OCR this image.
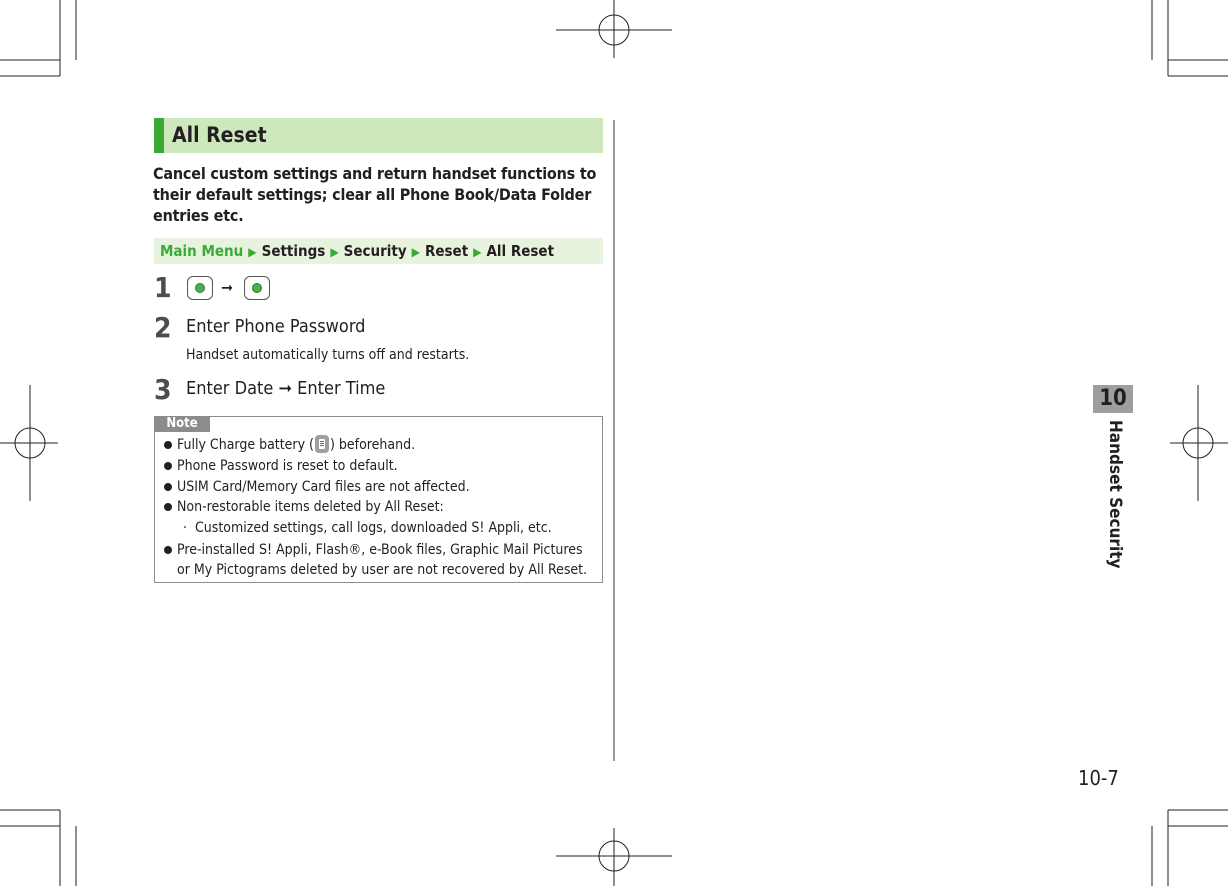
All Reset
Cancel custom settings and return handset functions to their default settings; clear all Phone Book/Data Folder entries etc.
Main Menu ▶ Settings ▶ Security ▶ Reset ▶ All Reset
1	➞
2 Enter Phone Password
Handset automatically turns off and restarts.
3 Enter Date ➞ Enter Time
Note
Fully Charge battery ( ) beforehand.
Phone Password is reset to default.
USIM Card/Memory Card files are not affected.
Non-restorable items deleted by All Reset:
· Customized settings, call logs, downloaded S! Appli, etc.
Pre-installed S! Appli, Flash®, e-Book files, Graphic Mail Pictures or My Pictograms deleted by user are not recovered by All Reset.
10
Handset Security
10-7
